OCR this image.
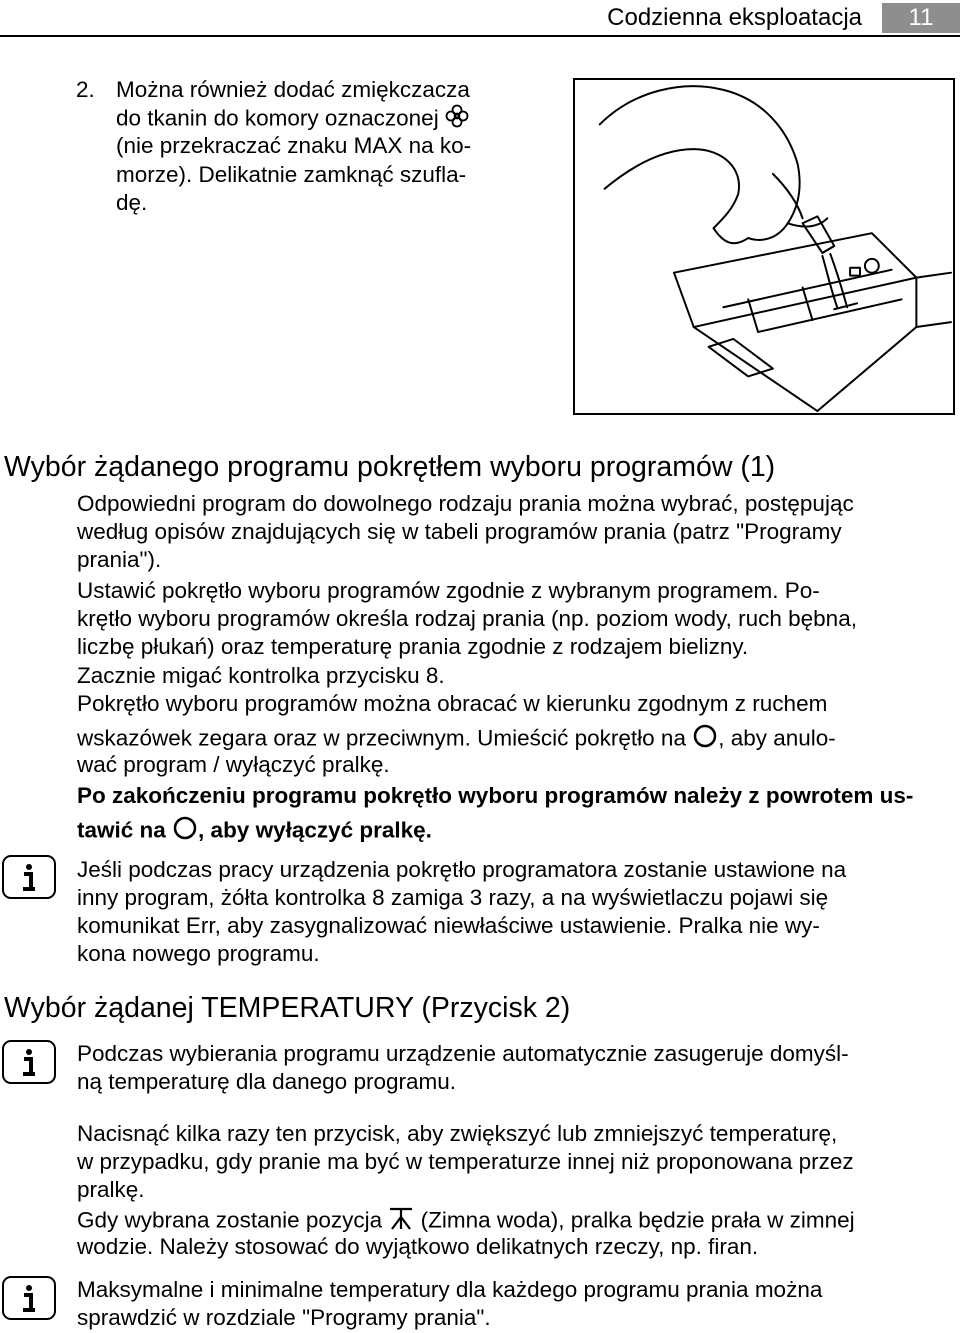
Codzienna eksploatacja	11
2. Można również dodać zmiękczacza
do tkanin do komory oznaczonej
(nie przekraczać znaku MAX na ko-
morze). Delikatnie zamknąć szufla-
dę.
Wybór żądanego programu pokrętłem wyboru programów (1)
Odpowiedni program do dowolnego rodzaju prania można wybrać, postępując
według opisów znajdujących się w tabeli programów prania (patrz "Programy
prania").
Ustawić pokrętło wyboru programów zgodnie z wybranym programem. Po-
krętło wyboru programów określa rodzaj prania (np. poziom wody, ruch bębna,
liczbę płukań) oraz temperaturę prania zgodnie z rodzajem bielizny.
Zacznie migać kontrolka przycisku 8.
Pokrętło wyboru programów można obracać w kierunku zgodnym z ruchem
wskazówek zegara oraz w przeciwnym. Umieścić pokrętło na , aby anulo-
wać program / wyłączyć pralkę.
Po zakończeniu programu pokrętło wyboru programów należy z powrotem us-
tawić na , aby wyłączyć pralkę.
Jeśli podczas pracy urządzenia pokrętło programatora zostanie ustawione na
inny program, żółta kontrolka 8 zamiga 3 razy, a na wyświetlaczu pojawi się
komunikat Err, aby zasygnalizować niewłaściwe ustawienie. Pralka nie wy-
kona nowego programu.
Wybór żądanej TEMPERATURY (Przycisk 2)
Podczas wybierania programu urządzenie automatycznie zasugeruje domyśl-
ną temperaturę dla danego programu.
Nacisnąć kilka razy ten przycisk, aby zwiększyć lub zmniejszyć temperaturę,
w przypadku, gdy pranie ma być w temperaturze innej niż proponowana przez
pralkę.
Gdy wybrana zostanie pozycja  (Zimna woda), pralka będzie prała w zimnej
wodzie. Należy stosować do wyjątkowo delikatnych rzeczy, np. firan.
Maksymalne i minimalne temperatury dla każdego programu prania można
sprawdzić w rozdziale "Programy prania".
